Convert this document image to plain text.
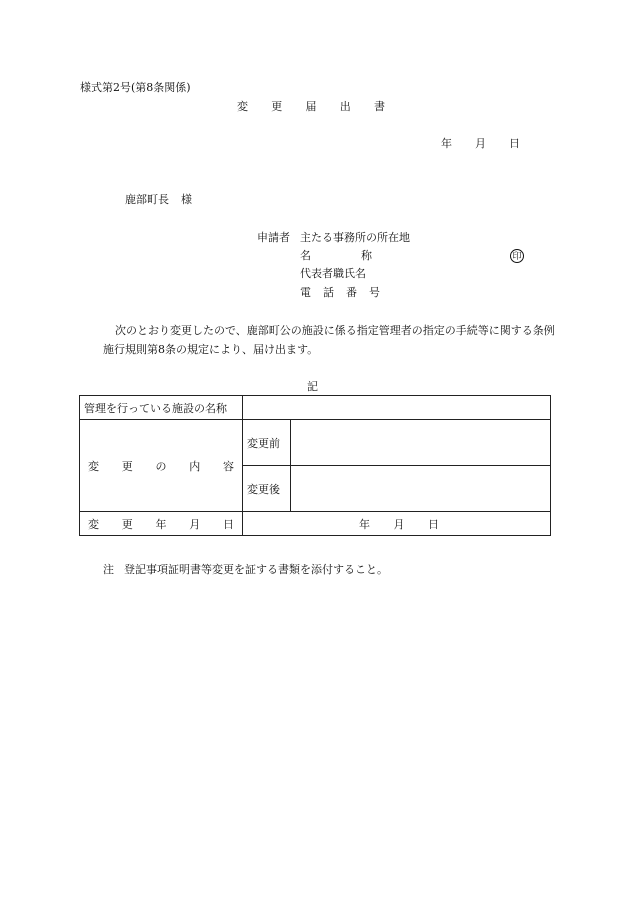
様式第2号(第8条関係)
変 更 届 出 書
年 月 日
鹿部町長 様
申請者 主たる事務所の所在地
名	称	印
代表者職氏名
電 話 番 号
次のとおり変更したので、鹿部町公の施設に係る指定管理者の指定の手続等に関する条例施行規則第8条の規定により、届け出ます。
記
管理を行っている施設の名称		

変 更 の 内 容	変更前	
	変更後	

変 更 年 月 日	年 月 日	
注 登記事項証明書等変更を証する書類を添付すること。
